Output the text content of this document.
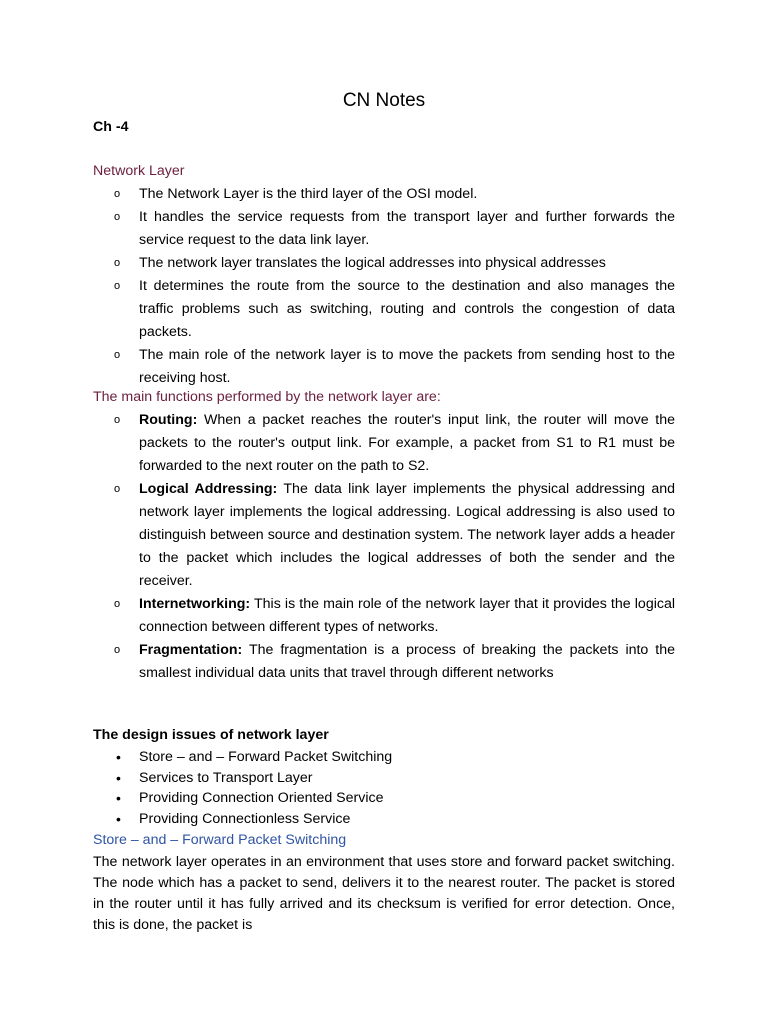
CN Notes
Ch -4
Network Layer
o The Network Layer is the third layer of the OSI model.
o It handles the service requests from the transport layer and further forwards the service request to the data link layer.
o The network layer translates the logical addresses into physical addresses
o It determines the route from the source to the destination and also manages the traffic problems such as switching, routing and controls the congestion of data packets.
o The main role of the network layer is to move the packets from sending host to the receiving host.
The main functions performed by the network layer are:
o Routing: When a packet reaches the router's input link, the router will move the packets to the router's output link. For example, a packet from S1 to R1 must be forwarded to the next router on the path to S2.
o Logical Addressing: The data link layer implements the physical addressing and network layer implements the logical addressing. Logical addressing is also used to distinguish between source and destination system. The network layer adds a header to the packet which includes the logical addresses of both the sender and the receiver.
o Internetworking: This is the main role of the network layer that it provides the logical connection between different types of networks.
o Fragmentation: The fragmentation is a process of breaking the packets into the smallest individual data units that travel through different networks
The design issues of network layer
• Store – and – Forward Packet Switching
• Services to Transport Layer
• Providing Connection Oriented Service
• Providing Connectionless Service
Store – and – Forward Packet Switching
The network layer operates in an environment that uses store and forward packet switching. The node which has a packet to send, delivers it to the nearest router. The packet is stored in the router until it has fully arrived and its checksum is verified for error detection. Once, this is done, the packet is
